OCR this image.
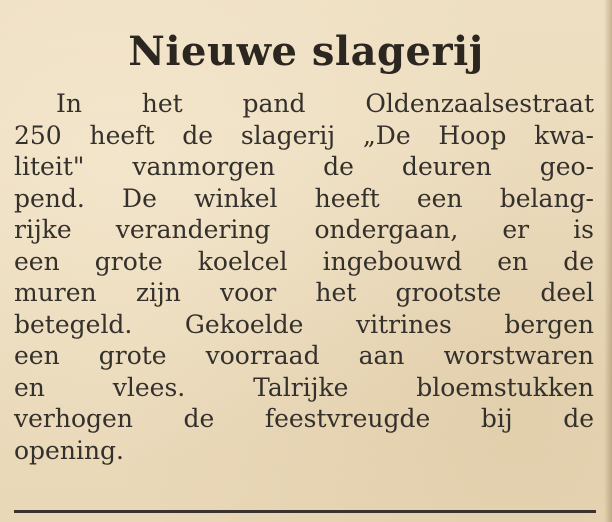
Nieuwe slagerij
In het pand Oldenzaalsestraat
250 heeft de slagerij „De Hoop kwa-
liteit" vanmorgen de deuren geo-
pend. De winkel heeft een belang-
rijke verandering ondergaan, er is
een grote koelcel ingebouwd en de
muren zijn voor het grootste deel
betegeld. Gekoelde vitrines bergen
een grote voorraad aan worstwaren
en vlees. Talrijke bloemstukken
verhogen de feestvreugde bij de
opening.
